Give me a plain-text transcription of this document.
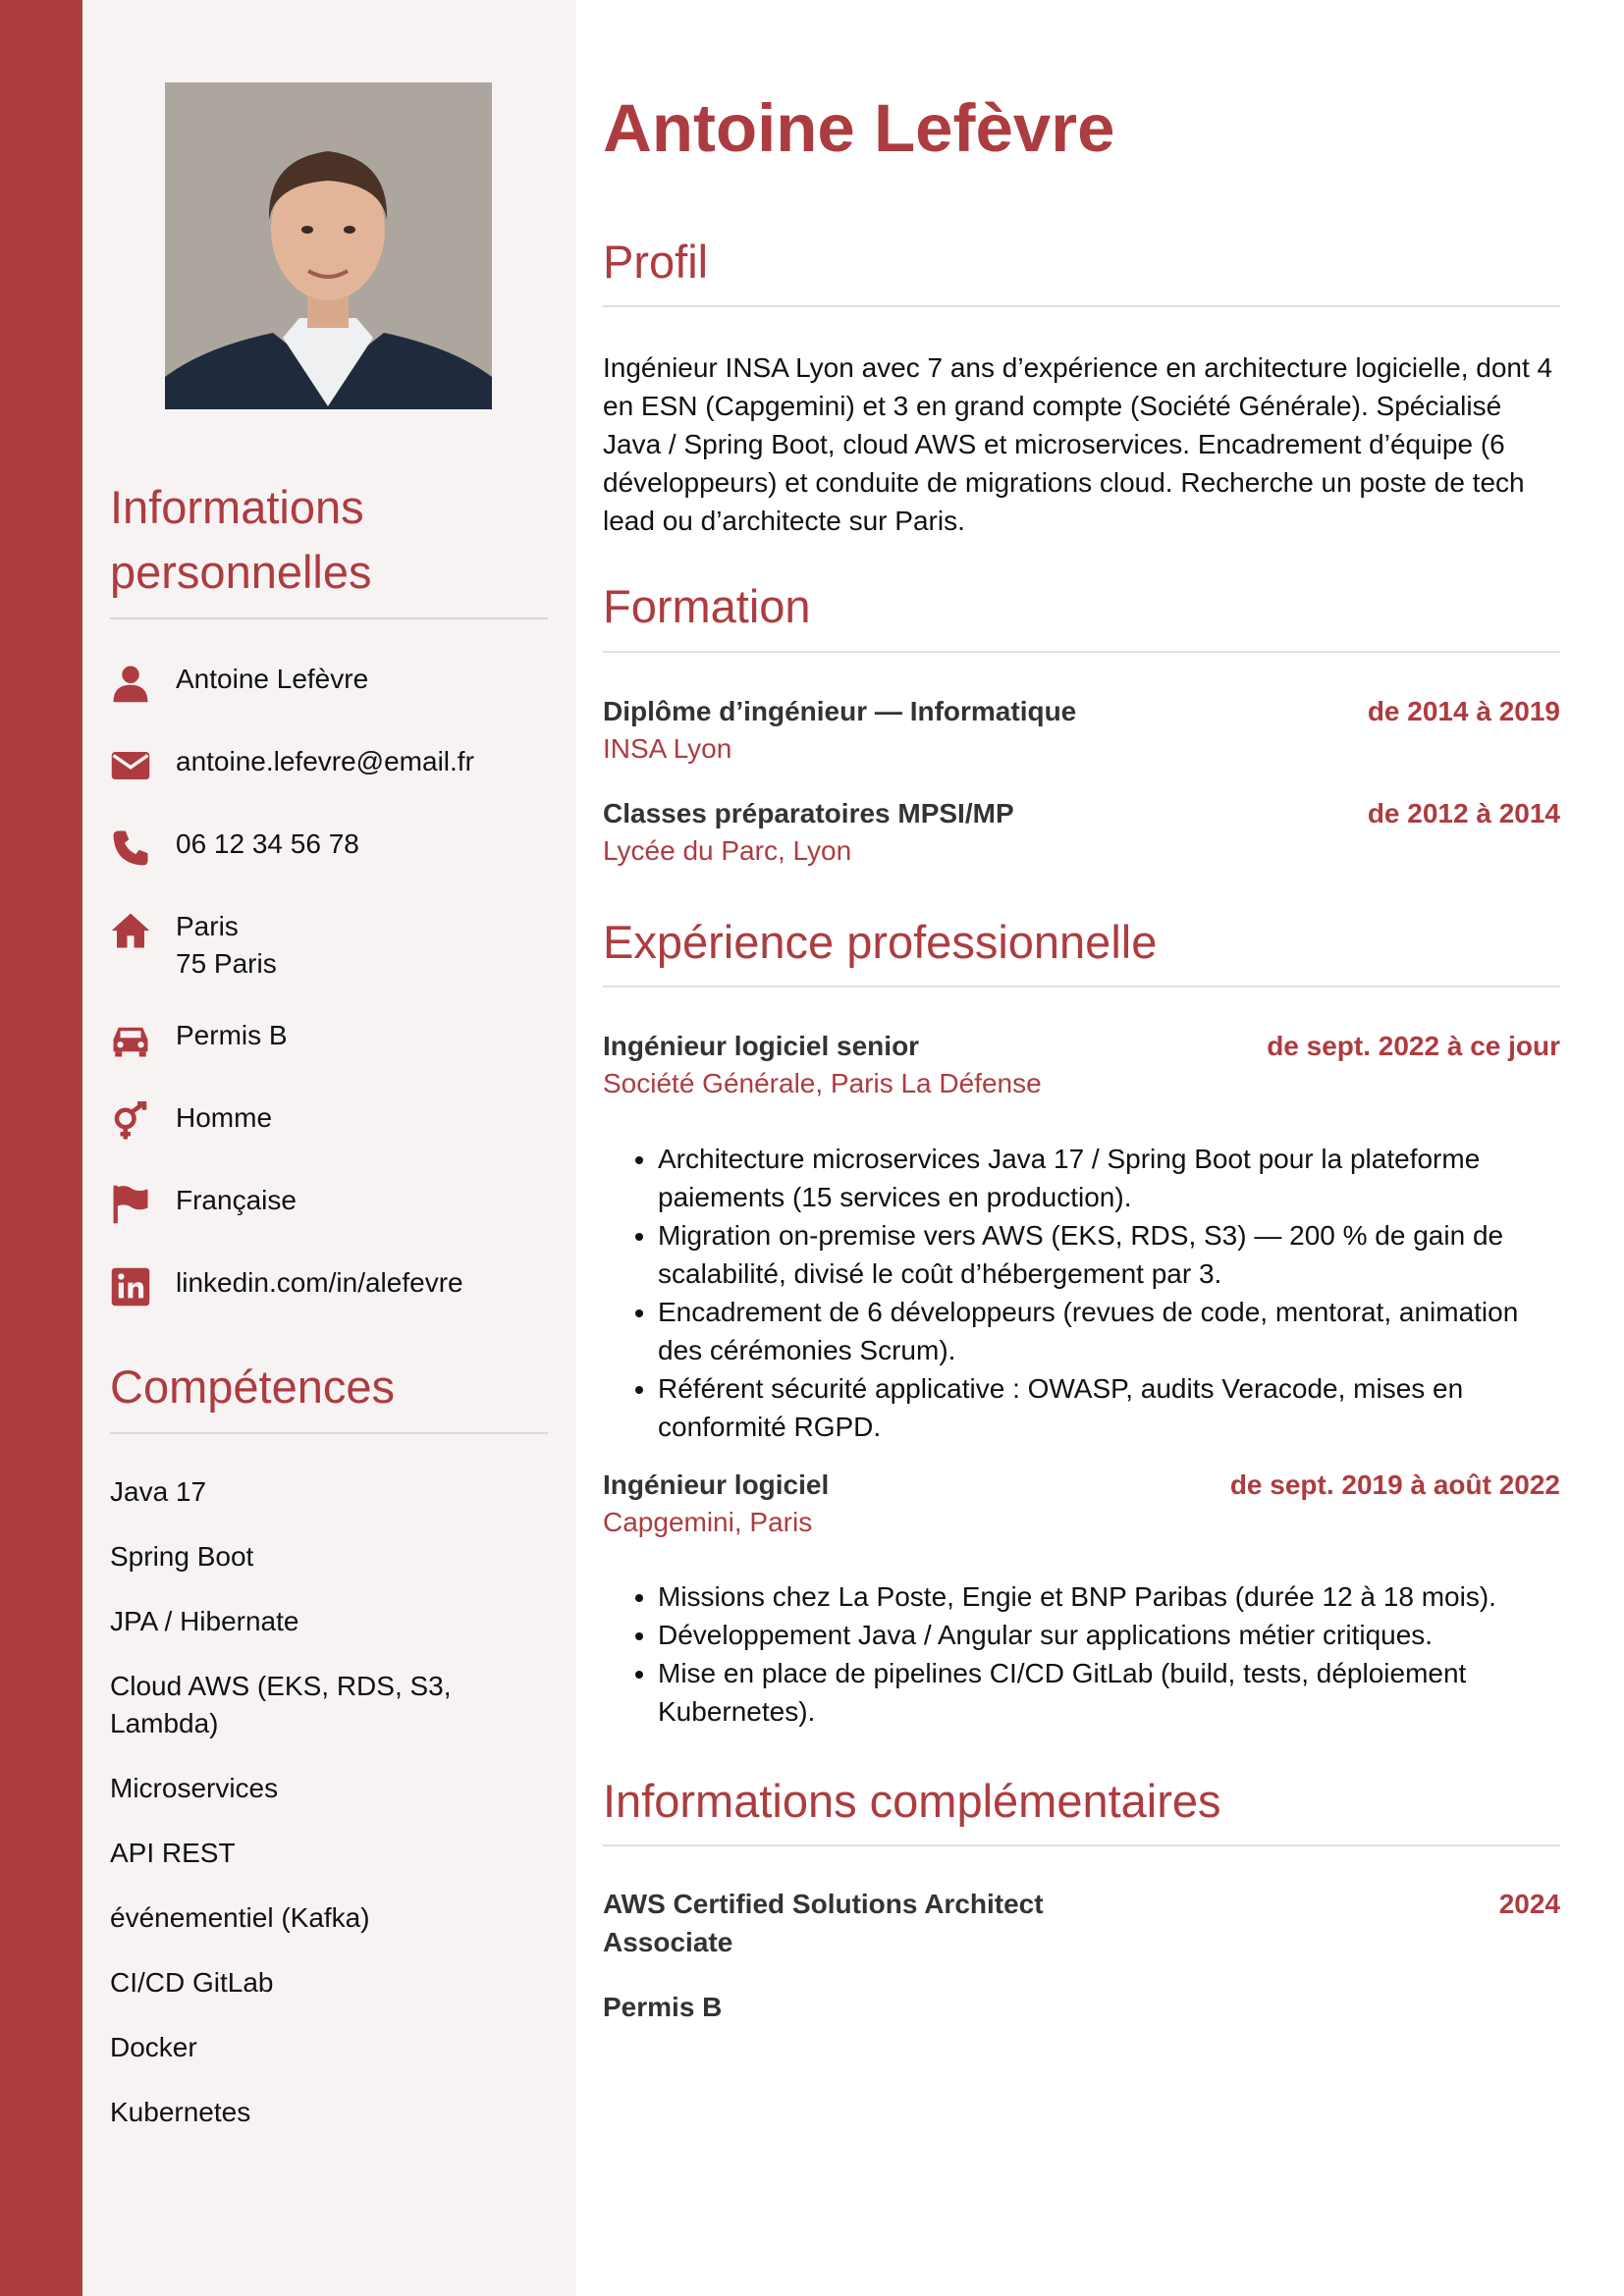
Informations personnelles
Antoine Lefèvre
antoine.lefevre@email.fr
06 12 34 56 78
Paris
75 Paris
Permis B
Homme
Française
linkedin.com/in/alefevre
Compétences
Java 17
Spring Boot
JPA / Hibernate
Cloud AWS (EKS, RDS, S3, Lambda)
Microservices
API REST
événementiel (Kafka)
CI/CD GitLab
Docker
Kubernetes
Antoine Lefèvre
Profil

Ingénieur INSA Lyon avec 7 ans d’expérience en architecture logicielle, dont 4 en ESN (Capgemini) et 3 en grand compte (Société Générale). Spécialisé Java / Spring Boot, cloud AWS et microservices. Encadrement d’équipe (6 développeurs) et conduite de migrations cloud. Recherche un poste de tech lead ou d’architecte sur Paris.

Formation
Diplôme d’ingénieur — Informatique	de 2014 à 2019
INSA Lyon
Classes préparatoires MPSI/MP	de 2012 à 2014
Lycée du Parc, Lyon
Expérience professionnelle
Ingénieur logiciel senior	de sept. 2022 à ce jour
Société Générale, Paris La Défense
• Architecture microservices Java 17 / Spring Boot pour la plateforme paiements (15 services en production).
• Migration on-premise vers AWS (EKS, RDS, S3) — 200 % de gain de scalabilité, divisé le coût d’hébergement par 3.
• Encadrement de 6 développeurs (revues de code, mentorat, animation des cérémonies Scrum).
• Référent sécurité applicative : OWASP, audits Veracode, mises en conformité RGPD.
Ingénieur logiciel	de sept. 2019 à août 2022
Capgemini, Paris
• Missions chez La Poste, Engie et BNP Paribas (durée 12 à 18 mois).
• Développement Java / Angular sur applications métier critiques.
• Mise en place de pipelines CI/CD GitLab (build, tests, déploiement Kubernetes).
Informations complémentaires
AWS Certified Solutions Architect Associate
2024
Permis B
